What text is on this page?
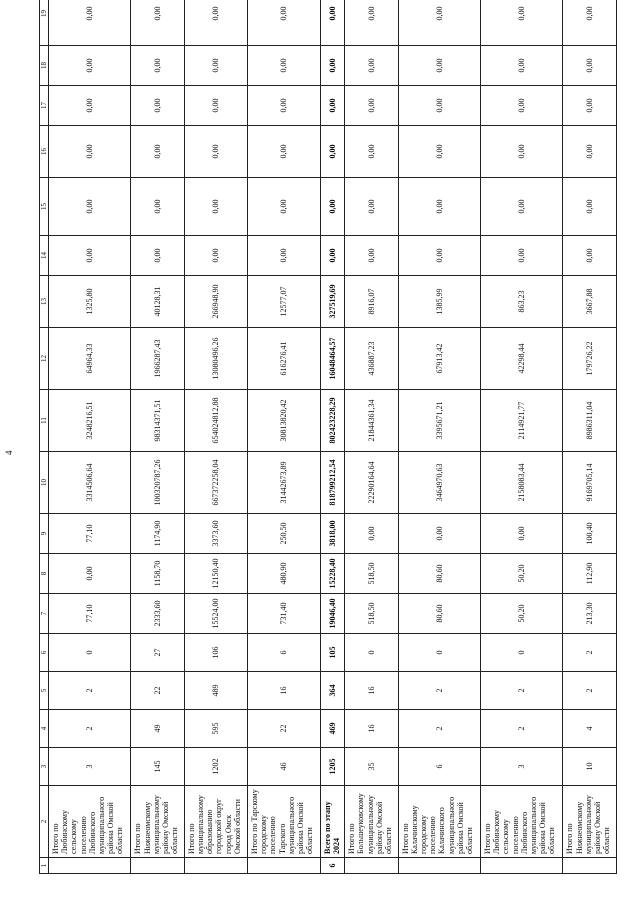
4
1	2	3	4	5	6	7	8	9	10	11	12	13	14	15	16	17	18	19
	Итого по Любинскому сельскому поселению Любинского муниципального района Омской области	3	2	2	0	77,10	0,00	77,10	3314506,64	3248216,51	64964,33	1325,80	0,00	0,00	0,00	0,00	0,00	0,00
	Итого по Нижнеомскому муниципальному району Омской области	145	49	22	27	2333,60	1158,70	1174,90	100320787,26	98314371,51	1966287,43	40128,31	0,00	0,00	0,00	0,00	0,00	0,00
	Итого по муниципальному образованию городской округ город Омск Омской области	1202	595	489	106	15524,00	12150,40	3373,60	667372258,04	654024812,88	13080496,26	266948,90	0,00	0,00	0,00	0,00	0,00	0,00
	Итого по Тарскому городскому поселению Тарского муниципального района Омской области	46	22	16	6	731,40	480,90	250,50	31442673,89	30813820,42	616276,41	12577,07	0,00	0,00	0,00	0,00	0,00	0,00
6	Всего по этапу 2024	1205	469	364	105	19046,40	15228,40	3818,00	818799212,54	802423228,29	16048464,57	327519,69	0,00	0,00	0,00	0,00	0,00	0,00
	Итого по Большеуковскому муниципальному району Омской области	35	16	16	0	518,50	518,50	0,00	22290164,64	21844361,34	436887,23	8916,07	0,00	0,00	0,00	0,00	0,00	0,00
	Итого по Калачинскому городскому поселению Калачинского муниципального района Омской области	6	2	2	0	80,60	80,60	0,00	3464970,63	3395671,21	67913,42	1385,99	0,00	0,00	0,00	0,00	0,00	0,00
	Итого по Любинскому сельскому поселению Любинского муниципального района Омской области	3	2	2	0	50,20	50,20	0,00	2158083,44	2114921,77	42298,44	863,23	0,00	0,00	0,00	0,00	0,00	0,00
	Итого по Нижнеомскому муниципальному району Омской области	10	4	2	2	213,30	112,90	100,40	9169705,14	8986311,04	179726,22	3667,88	0,00	0,00	0,00	0,00	0,00	0,00
